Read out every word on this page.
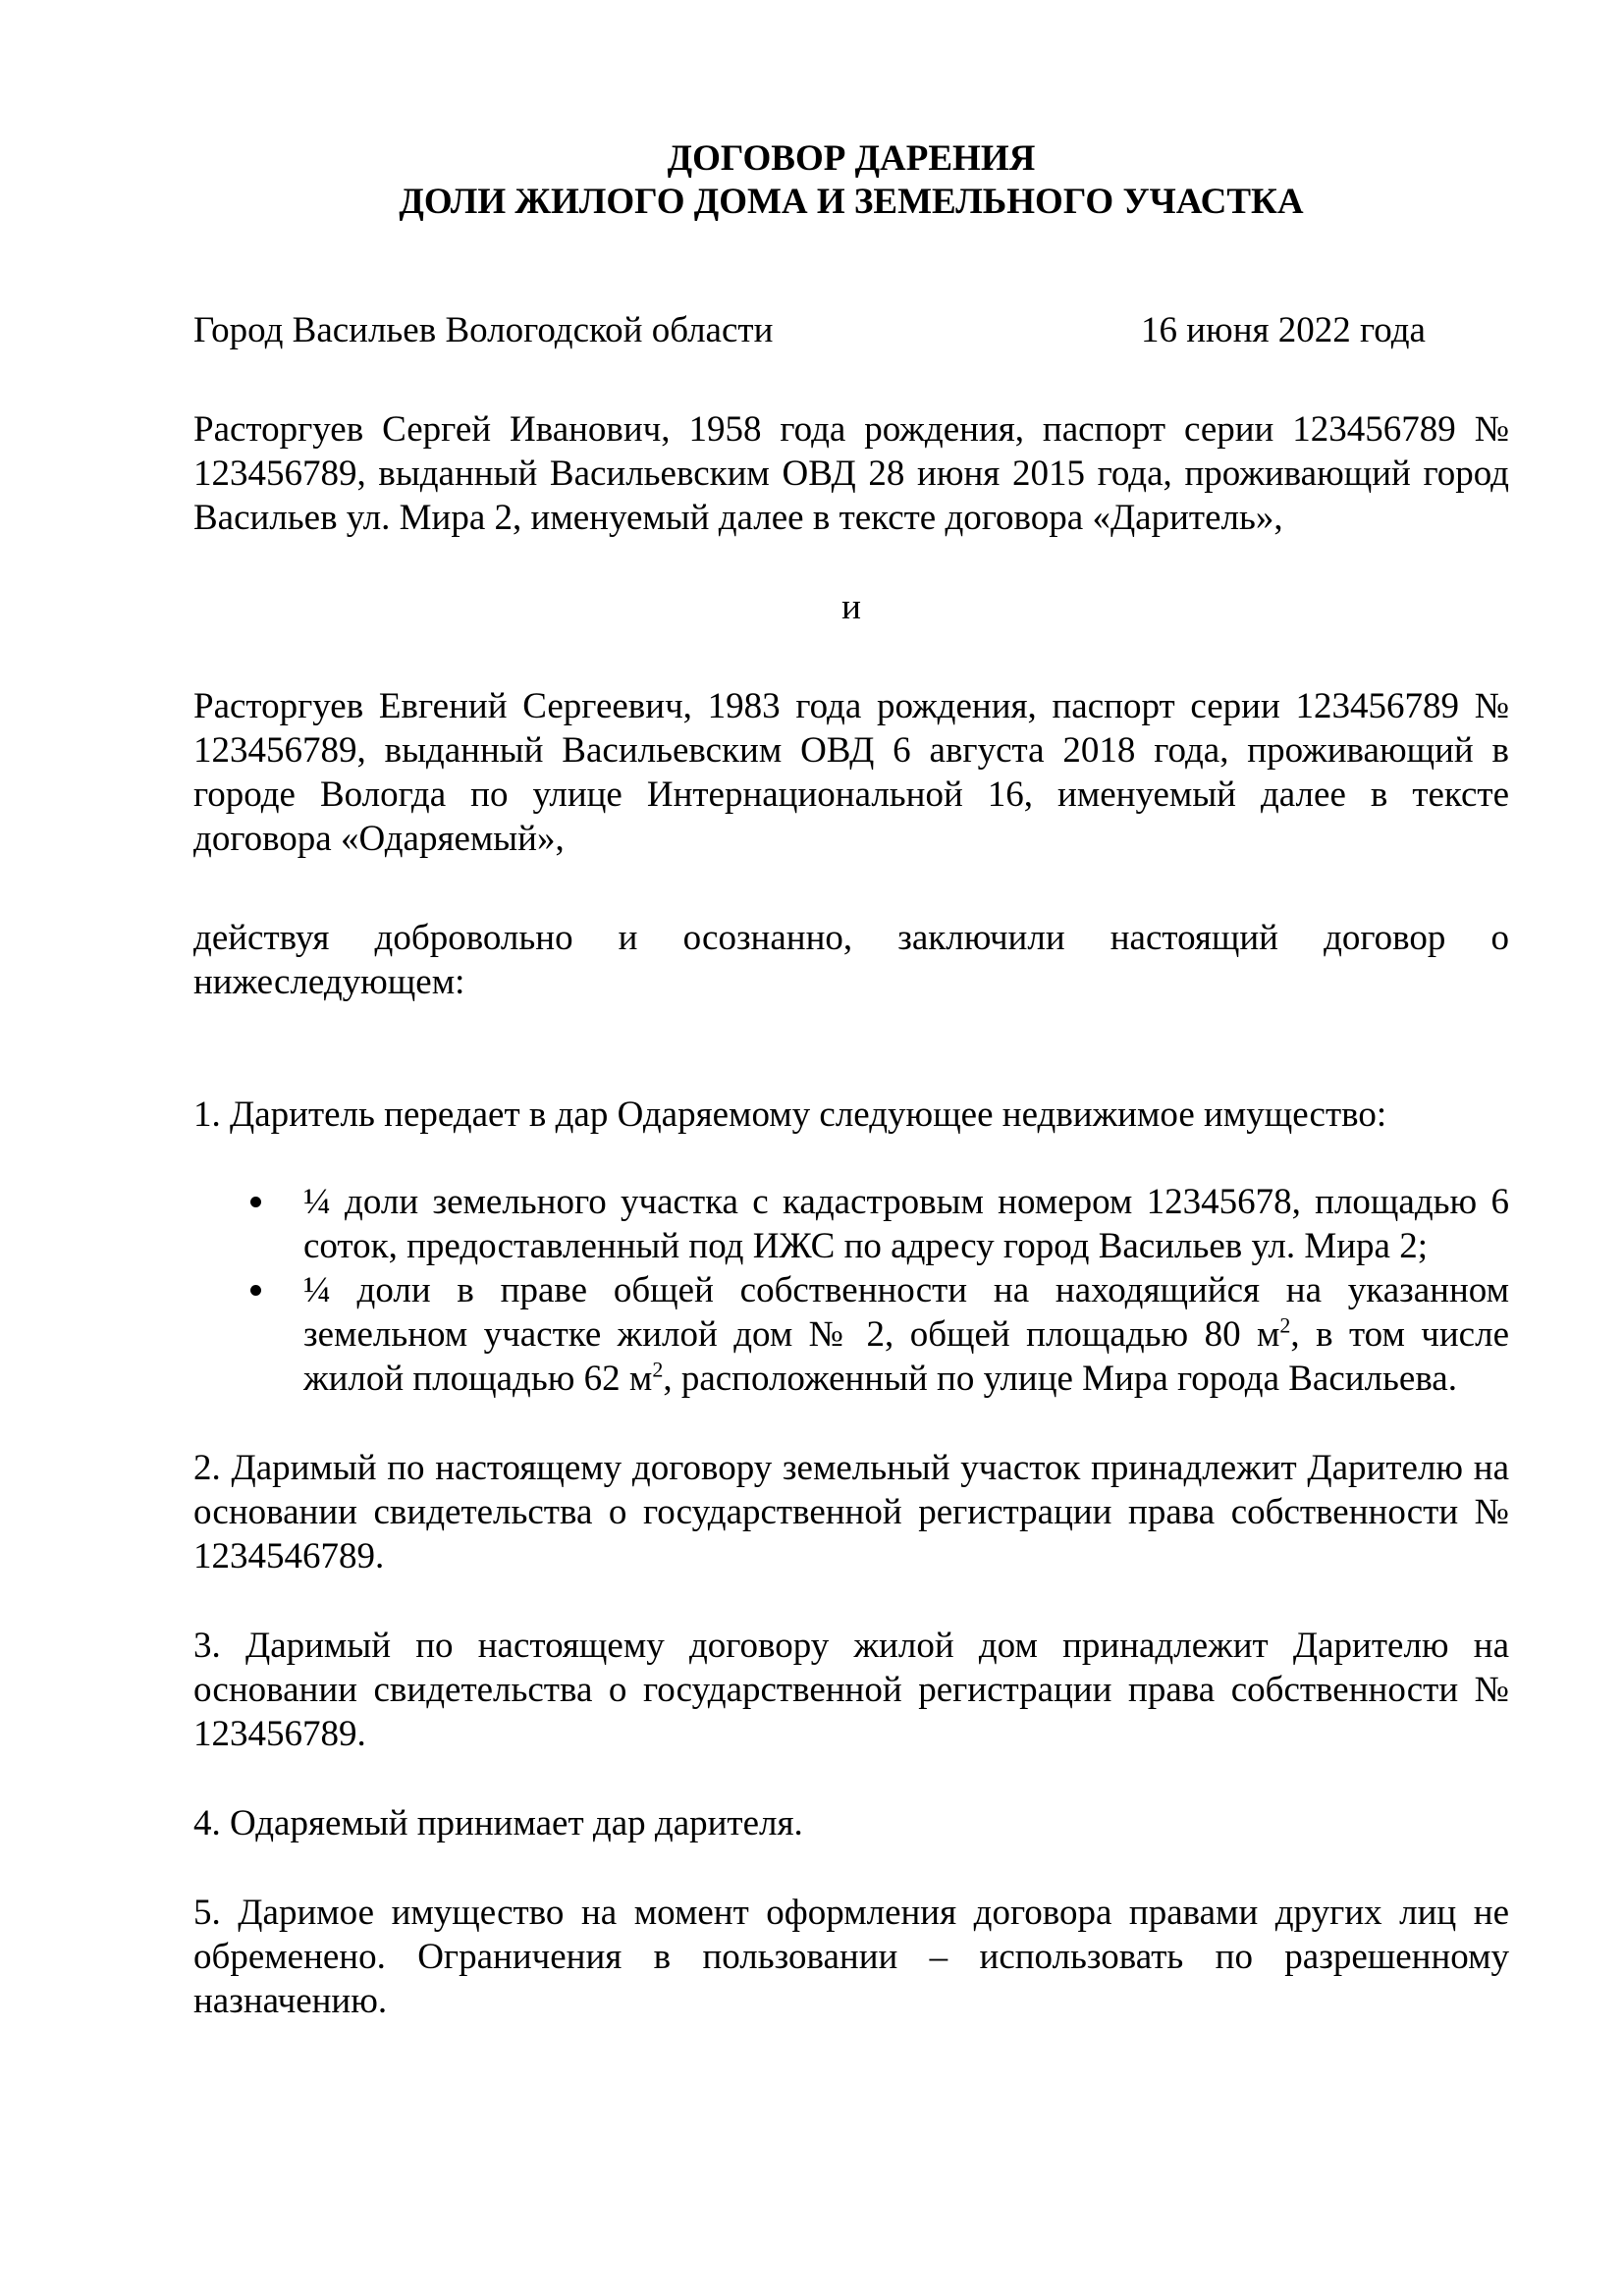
ДОГОВОР ДАРЕНИЯ

ДОЛИ ЖИЛОГО ДОМА И ЗЕМЕЛЬНОГО УЧАСТКА

Город Васильев Вологодской области	16 июня 2022 года

Расторгуев Сергей Иванович, 1958 года рождения, паспорт серии 123456789 № 123456789, выданный Васильевским ОВД 28 июня 2015 года, проживающий город Васильев ул. Мира 2, именуемый далее в тексте договора «Даритель»,

и

Расторгуев Евгений Сергеевич, 1983 года рождения, паспорт серии 123456789 № 123456789, выданный Васильевским ОВД 6 августа 2018 года, проживающий в городе Вологда по улице Интернациональной 16, именуемый далее в тексте договора «Одаряемый»,

действуя добровольно и осознанно, заключили настоящий договор о нижеследующем:

1. Даритель передает в дар Одаряемому следующее недвижимое имущество:

¼ доли земельного участка с кадастровым номером 12345678, площадью 6 соток, предоставленный под ИЖС по адресу город Васильев ул. Мира 2;
¼ доли в праве общей собственности на находящийся на указанном земельном участке жилой дом № 2, общей площадью 80 $м^2$, в том числе жилой площадью 62 $м^2$, расположенный по улице Мира города Васильева.

2. Даримый по настоящему договору земельный участок принадлежит Дарителю на основании свидетельства о государственной регистрации права собственности № 1234546789.

3. Даримый по настоящему договору жилой дом принадлежит Дарителю на основании свидетельства о государственной регистрации права собственности № 123456789.

4. Одаряемый принимает дар дарителя.

5. Даримое имущество на момент оформления договора правами других лиц не обременено. Ограничения в пользовании – использовать по разрешенному назначению.
